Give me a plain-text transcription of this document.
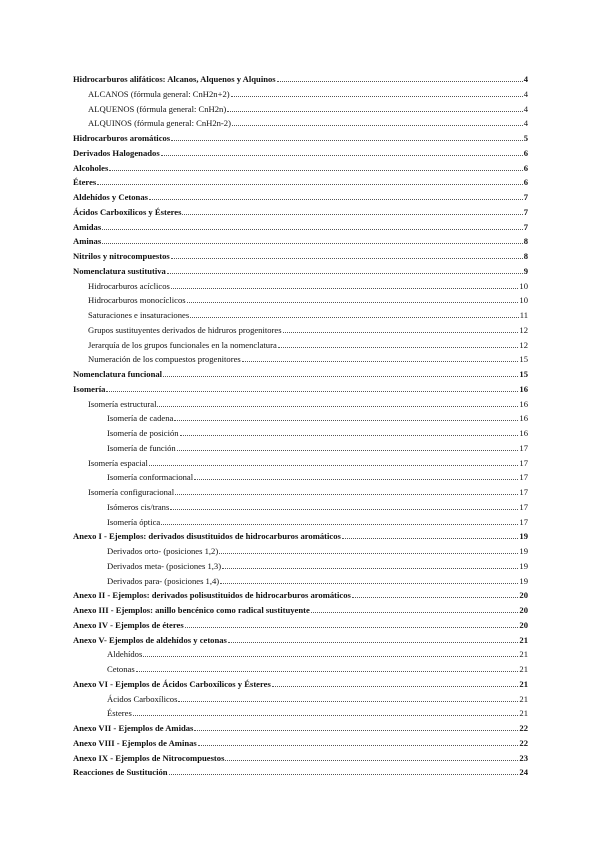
Hidrocarburos alifáticos: Alcanos, Alquenos y Alquinos	4
ALCANOS (fórmula general: CnH2n+2)	4
ALQUENOS (fórmula general: CnH2n)	4
ALQUINOS (fórmula general: CnH2n-2)	4
Hidrocarburos aromáticos	5
Derivados Halogenados	6
Alcoholes	6
Éteres	6
Aldehídos y Cetonas	7
Ácidos Carboxílicos y Ésteres	7
Amidas	7
Aminas	8
Nitrilos y nitrocompuestos	8
Nomenclatura sustitutiva	9
Hidrocarburos acíclicos	10
Hidrocarburos monocíclicos	10
Saturaciones e insaturaciones	11
Grupos sustituyentes derivados de hidruros progenitores	12
Jerarquía de los grupos funcionales en la nomenclatura	12
Numeración de los compuestos progenitores	15
Nomenclatura funcional	15
Isomería	16
Isomería estructural	16
Isomería de cadena	16
Isomería de posición	16
Isomería de función	17
Isomería espacial	17
Isomería conformacional	17
Isomería configuracional	17
Isómeros cis/trans	17
Isomería óptica	17
Anexo I - Ejemplos: derivados disustituidos de hidrocarburos aromáticos	19
Derivados orto- (posiciones 1,2)	19
Derivados meta- (posiciones 1,3)	19
Derivados para- (posiciones 1,4)	19
Anexo II - Ejemplos: derivados polisustituidos de hidrocarburos aromáticos	20
Anexo III - Ejemplos: anillo bencénico como radical sustituyente	20
Anexo IV - Ejemplos de éteres	20
Anexo V- Ejemplos de aldehídos y cetonas	21
Aldehídos	21
Cetonas	21
Anexo VI - Ejemplos de Ácidos Carboxílicos y Ésteres	21
Ácidos Carboxílicos	21
Ésteres	21
Anexo VII - Ejemplos de Amidas	22
Anexo VIII - Ejemplos de Aminas	22
Anexo IX - Ejemplos de Nitrocompuestos	23
Reacciones de Sustitución	24
